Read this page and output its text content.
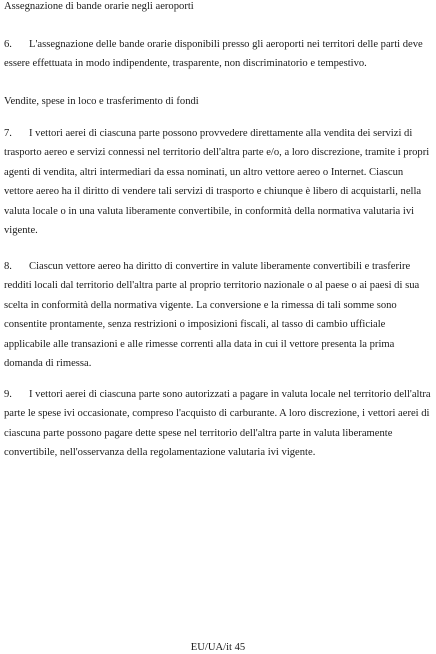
Assegnazione di bande orarie negli aeroporti

6. L'assegnazione delle bande orarie disponibili presso gli aeroporti nei territori delle parti deve essere effettuata in modo indipendente, trasparente, non discriminatorio e tempestivo.

Vendite, spese in loco e trasferimento di fondi

7. I vettori aerei di ciascuna parte possono provvedere direttamente alla vendita dei servizi di trasporto aereo e servizi connessi nel territorio dell'altra parte e/o, a loro discrezione, tramite i propri agenti di vendita, altri intermediari da essa nominati, un altro vettore aereo o Internet. Ciascun vettore aereo ha il diritto di vendere tali servizi di trasporto e chiunque è libero di acquistarli, nella valuta locale o in una valuta liberamente convertibile, in conformità della normativa valutaria ivi vigente.

8. Ciascun vettore aereo ha diritto di convertire in valute liberamente convertibili e trasferire redditi locali dal territorio dell'altra parte al proprio territorio nazionale o al paese o ai paesi di sua scelta in conformità della normativa vigente. La conversione e la rimessa di tali somme sono consentite prontamente, senza restrizioni o imposizioni fiscali, al tasso di cambio ufficiale applicabile alle transazioni e alle rimesse correnti alla data in cui il vettore presenta la prima domanda di rimessa.

9. I vettori aerei di ciascuna parte sono autorizzati a pagare in valuta locale nel territorio dell'altra parte le spese ivi occasionate, compreso l'acquisto di carburante. A loro discrezione, i vettori aerei di ciascuna parte possono pagare dette spese nel territorio dell'altra parte in valuta liberamente convertibile, nell'osservanza della regolamentazione valutaria ivi vigente.

EU/UA/it 45
